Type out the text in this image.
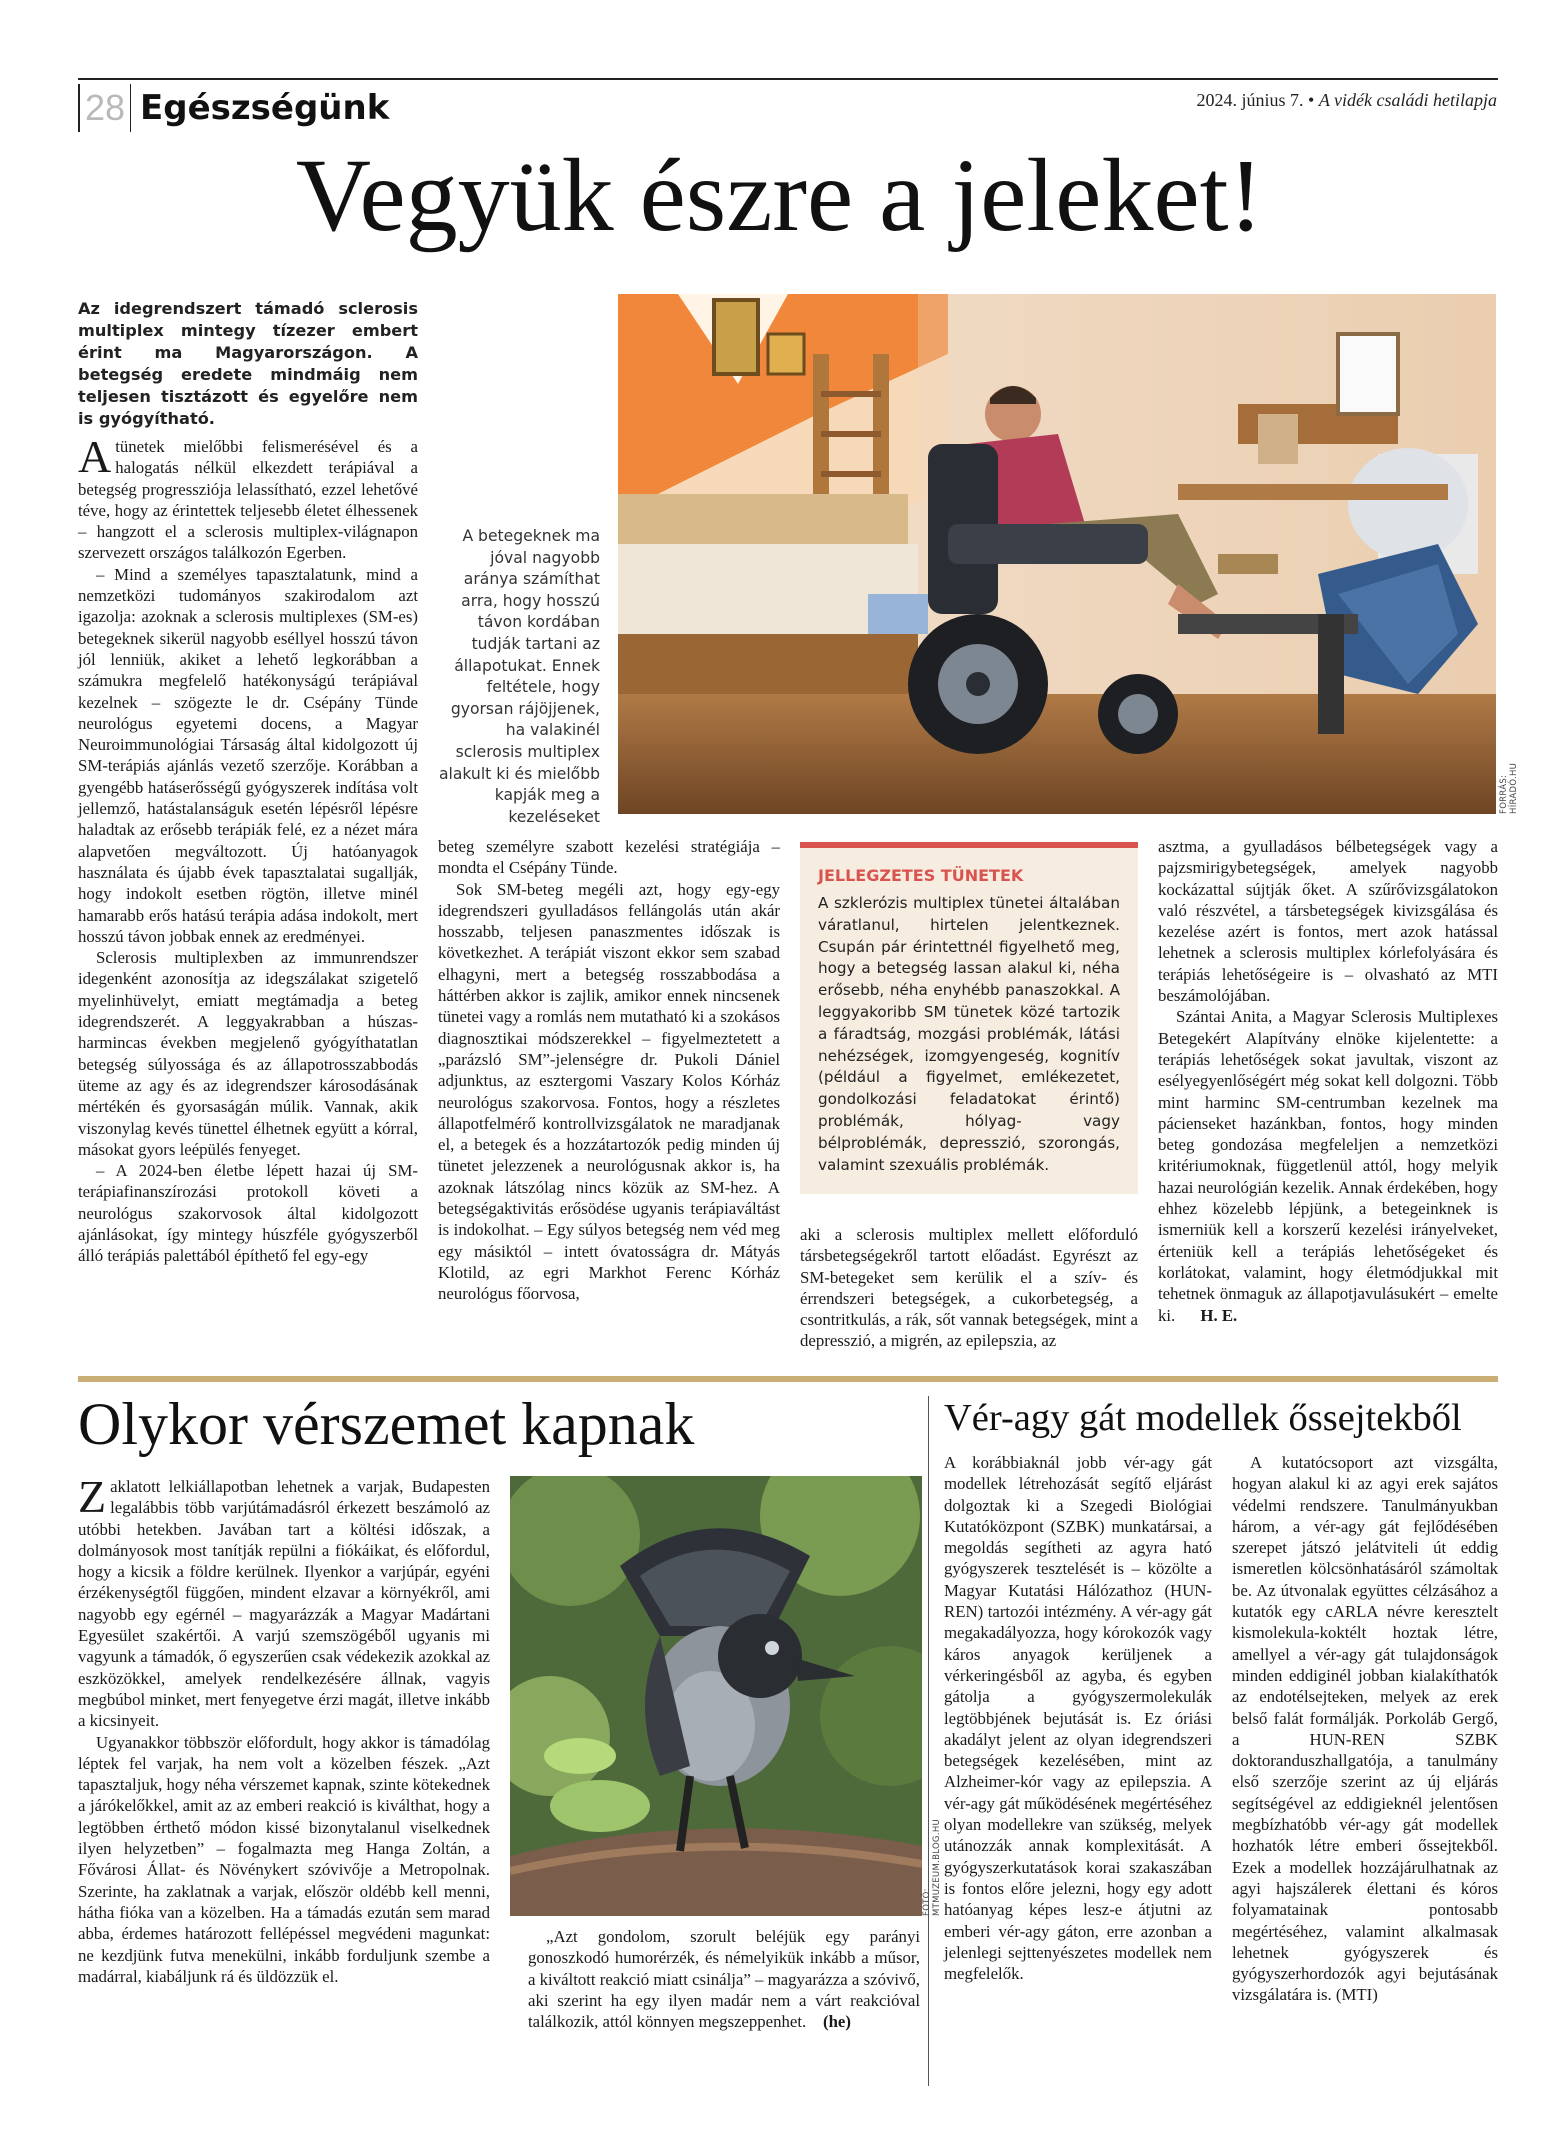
28 Egészségünk	2024. június 7. • A vidék családi hetilapja
Vegyük észre a jeleket!
Az idegrendszert támadó sclerosis multiplex mintegy tízezer embert érint ma Magyarországon. A betegség eredete mindmáig nem teljesen tisztázott és egyelőre nem is gyógyítható.
FORRÁS: HÍRADÓ.HU
A betegeknek ma jóval nagyobb aránya számíthat arra, hogy hosszú távon kordában tudják tartani az állapotukat. Ennek feltétele, hogy gyorsan rájöjjenek, ha valakinél sclerosis multiplex alakult ki és mielőbb kapják meg a kezeléseket

A tünetek mielőbbi felismerésével és a halogatás nélkül elkezdett terápiával a betegség progressziója lelassítható, ezzel lehetővé téve, hogy az érintettek teljesebb életet élhessenek – hangzott el a sclerosis multiplex-világnapon szervezett országos találkozón Egerben.

– Mind a személyes tapasztalatunk, mind a nemzetközi tudományos szakirodalom azt igazolja: azoknak a sclerosis multiplexes (SM-es) betegeknek sikerül nagyobb eséllyel hosszú távon jól lenniük, akiket a lehető legkorábban a számukra megfelelő hatékonyságú terápiával kezelnek – szögezte le dr. Csépány Tünde neurológus egyetemi docens, a Magyar Neuroimmunológiai Társaság által kidolgozott új SM-terápiás ajánlás vezető szerzője. Korábban a gyengébb hatáserősségű gyógyszerek indítása volt jellemző, hatástalanságuk esetén lépésről lépésre haladtak az erősebb terápiák felé, ez a nézet mára alapvetően megváltozott. Új hatóanyagok használata és újabb évek tapasztalatai sugallják, hogy indokolt esetben rögtön, illetve minél hamarabb erős hatású terápia adása indokolt, mert hosszú távon jobbak ennek az eredményei.

Sclerosis multiplexben az immunrendszer idegenként azonosítja az idegszálakat szigetelő myelinhüvelyt, emiatt megtámadja a beteg idegrendszerét. A leggyakrabban a húszas-harmincas években megjelenő gyógyíthatatlan betegség súlyossága és az állapotrosszabbodás üteme az agy és az idegrendszer károsodásának mértékén és gyorsaságán múlik. Vannak, akik viszonylag kevés tünettel élhetnek együtt a kórral, másokat gyors leépülés fenyeget.

– A 2024-ben életbe lépett hazai új SM-terápiafinanszírozási protokoll követi a neurológus szakorvosok által kidolgozott ajánlásokat, így mintegy húszféle gyógyszerből álló terápiás palettából építhető fel egy-egy

beteg személyre szabott kezelési stratégiája – mondta el Csépány Tünde.

Sok SM-beteg megéli azt, hogy egy-egy idegrendszeri gyulladásos fellángolás után akár hosszabb, teljesen panaszmentes időszak is következhet. A terápiát viszont ekkor sem szabad elhagyni, mert a betegség rosszabbodása a háttérben akkor is zajlik, amikor ennek nincsenek tünetei vagy a romlás nem mutatható ki a szokásos diagnosztikai módszerekkel – figyelmeztetett a „parázsló SM”-jelenségre dr. Pukoli Dániel adjunktus, az esztergomi Vaszary Kolos Kórház neurológus szakorvosa. Fontos, hogy a részletes állapotfelmérő kontrollvizsgálatok ne maradjanak el, a betegek és a hozzátartozók pedig minden új tünetet jelezzenek a neurológusnak akkor is, ha azoknak látszólag nincs közük az SM-hez. A betegségaktivitás erősödése ugyanis terápiaváltást is indokolhat. – Egy súlyos betegség nem véd meg egy másiktól – intett óvatosságra dr. Mátyás Klotild, az egri Markhot Ferenc Kórház neurológus főorvosa,

JELLEGZETES TÜNETEK
A szklerózis multiplex tünetei általában váratlanul, hirtelen jelentkeznek. Csupán pár érintettnél figyelhető meg, hogy a betegség lassan alakul ki, néha erősebb, néha enyhébb panaszokkal. A leggyakoribb SM tünetek közé tartozik a fáradtság, mozgási problémák, látási nehézségek, izomgyengeség, kognitív (például a figyelmet, emlékezetet, gondolkozási feladatokat érintő) problémák, hólyag- vagy bélproblémák, depresszió, szorongás, valamint szexuális problémák.

aki a sclerosis multiplex mellett előforduló társbetegségekről tartott előadást. Egyrészt az SM-betegeket sem kerülik el a szív- és érrendszeri betegségek, a cukorbetegség, a csontritkulás, a rák, sőt vannak betegségek, mint a depresszió, a migrén, az epilepszia, az

asztma, a gyulladásos bélbetegségek vagy a pajzsmirigybetegségek, amelyek nagyobb kockázattal sújtják őket. A szűrővizsgálatokon való részvétel, a társbetegségek kivizsgálása és kezelése azért is fontos, mert azok hatással lehetnek a sclerosis multiplex kórlefolyására és terápiás lehetőségeire is – olvasható az MTI beszámolójában.

Szántai Anita, a Magyar Sclerosis Multiplexes Betegekért Alapítvány elnöke kijelentette: a terápiás lehetőségek sokat javultak, viszont az esélyegyenlőségért még sokat kell dolgozni. Több mint harminc SM-centrumban kezelnek ma pácienseket hazánkban, fontos, hogy minden beteg gondozása megfeleljen a nemzetközi kritériumoknak, függetlenül attól, hogy melyik hazai neurológián kezelik. Annak érdekében, hogy ehhez közelebb lépjünk, a betegeinknek is ismerniük kell a korszerű kezelési irányelveket, érteniük kell a terápiás lehetőségeket és korlátokat, valamint, hogy életmódjukkal mit tehetnek önmaguk az állapotjavulásukért – emelte ki. H. E.

Olykor vérszemet kapnak

Zaklatott lelkiállapotban lehetnek a varjak, Budapesten legalábbis több varjútámadásról érkezett beszámoló az utóbbi hetekben. Javában tart a költési időszak, a dolmányosok most tanítják repülni a fiókáikat, és előfordul, hogy a kicsik a földre kerülnek. Ilyenkor a varjúpár, egyéni érzékenységtől függően, mindent elzavar a környékről, ami nagyobb egy egérnél – magyarázzák a Magyar Madártani Egyesület szakértői. A varjú szemszögéből ugyanis mi vagyunk a támadók, ő egyszerűen csak védekezik azokkal az eszközökkel, amelyek rendelkezésére állnak, vagyis megbúbol minket, mert fenyegetve érzi magát, illetve inkább a kicsinyeit.

Ugyanakkor többször előfordult, hogy akkor is támadólag léptek fel varjak, ha nem volt a közelben fészek. „Azt tapasztaljuk, hogy néha vérszemet kapnak, szinte kötekednek a járókelőkkel, amit az az emberi reakció is kiválthat, hogy a legtöbben érthető módon kissé bizonytalanul viselkednek ilyen helyzetben” – fogalmazta meg Hanga Zoltán, a Fővárosi Állat- és Növénykert szóvivője a Metropolnak. Szerinte, ha zaklatnak a varjak, először oldébb kell menni, hátha fióka van a közelben. Ha a támadás ezután sem marad abba, érdemes határozott fellépéssel megvédeni magunkat: ne kezdjünk futva menekülni, inkább forduljunk szembe a madárral, kiabáljunk rá és üldözzük el.

FOTÓ: MTMUZEUM.BLOG.HU

„Azt gondolom, szorult beléjük egy parányi gonoszkodó humorérzék, és némelyikük inkább a műsor, a kiváltott reakció miatt csinálja” – magyarázza a szóvivő, aki szerint ha egy ilyen madár nem a várt reakcióval találkozik, attól könnyen megszeppenhet. (he)

Vér-agy gát modellek őssejtekből

A korábbiaknál jobb vér-agy gát modellek létrehozását segítő eljárást dolgoztak ki a Szegedi Biológiai Kutatóközpont (SZBK) munkatársai, a megoldás segítheti az agyra ható gyógyszerek tesztelését is – közölte a Magyar Kutatási Hálózathoz (HUN-REN) tartozói intézmény. A vér-agy gát megakadályozza, hogy kórokozók vagy káros anyagok kerüljenek a vérkeringésből az agyba, és egyben gátolja a gyógyszermolekulák legtöbbjének bejutását is. Ez óriási akadályt jelent az olyan idegrendszeri betegségek kezelésében, mint az Alzheimer-kór vagy az epilepszia. A vér-agy gát működésének megértéséhez olyan modellekre van szükség, melyek utánozzák annak komplexitását. A gyógyszerkutatások korai szakaszában is fontos előre jelezni, hogy egy adott hatóanyag képes lesz-e átjutni az emberi vér-agy gáton, erre azonban a jelenlegi sejttenyészetes modellek nem megfelelők.

A kutatócsoport azt vizsgálta, hogyan alakul ki az agyi erek sajátos védelmi rendszere. Tanulmányukban három, a vér-agy gát fejlődésében szerepet játszó jelátviteli út eddig ismeretlen kölcsönhatásáról számoltak be. Az útvonalak együttes célzásához a kutatók egy cARLA névre keresztelt kismolekula-koktélt hoztak létre, amellyel a vér-agy gát tulajdonságok minden eddiginél jobban kialakíthatók az endotélsejteken, melyek az erek belső falát formálják. Porkoláb Gergő, a HUN-REN SZBK doktoranduszhallgatója, a tanulmány első szerzője szerint az új eljárás segítségével az eddigieknél jelentősen megbízhatóbb vér-agy gát modellek hozhatók létre emberi őssejtekből. Ezek a modellek hozzájárulhatnak az agyi hajszálerek élettani és kóros folyamatainak pontosabb megértéséhez, valamint alkalmasak lehetnek gyógyszerek és gyógyszerhordozók agyi bejutásának vizsgálatára is. (MTI)
